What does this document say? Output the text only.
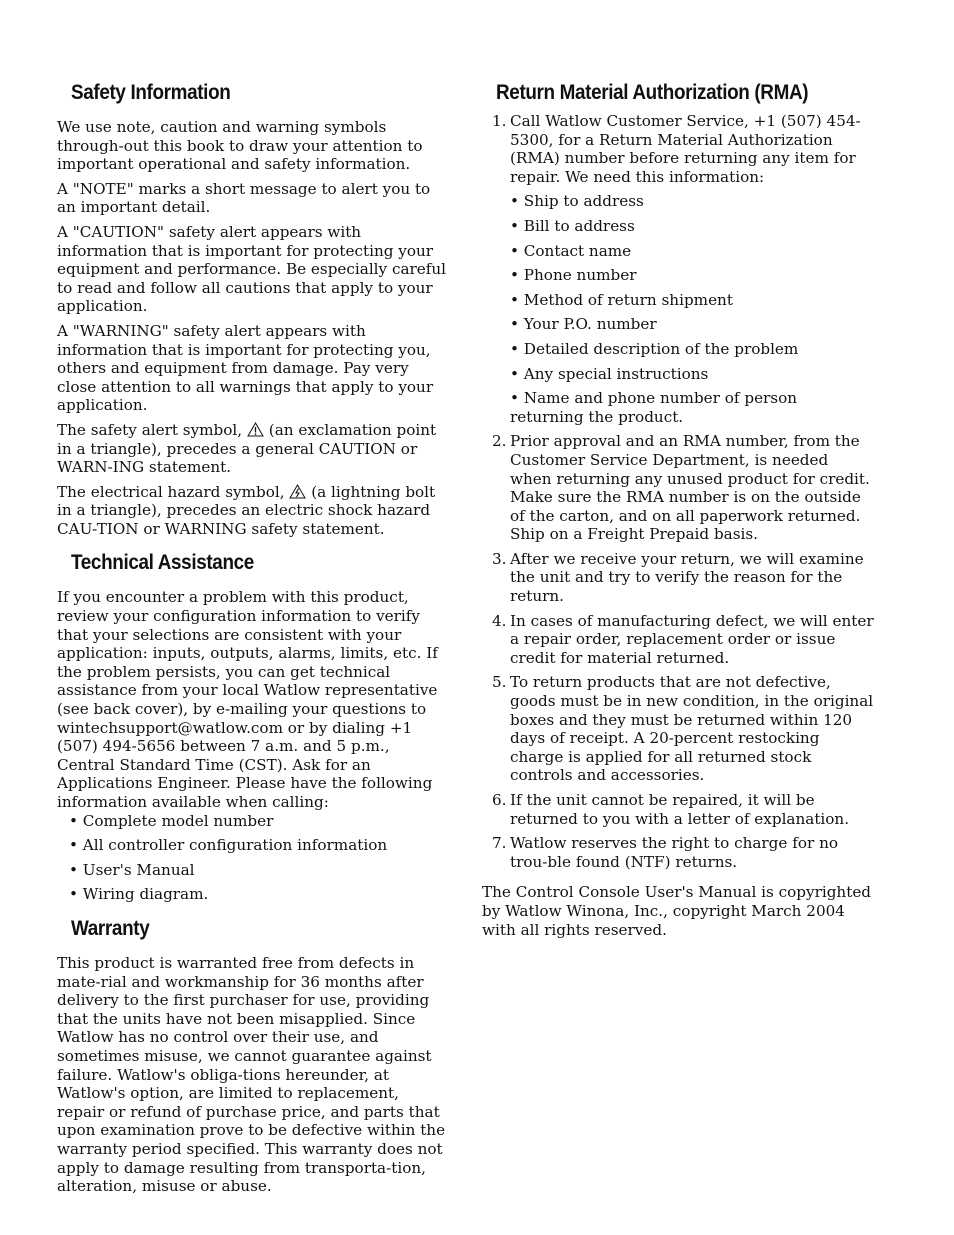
Safety Information

We use note, caution and warning symbols through-out this book to draw your attention to important operational and safety information.

A "NOTE" marks a short message to alert you to an important detail.

A "CAUTION" safety alert appears with information that is important for protecting your equipment and performance. Be especially careful to read and follow all cautions that apply to your application.

A "WARNING" safety alert appears with information that is important for protecting you, others and equipment from damage. Pay very close attention to all warnings that apply to your application.

The safety alert symbol, (an exclamation point in a triangle), precedes a general CAUTION or WARN-ING statement.

The electrical hazard symbol, (a lightning bolt in a triangle), precedes an electric shock hazard CAU-TION or WARNING safety statement.

Technical Assistance

If you encounter a problem with this product, review your configuration information to verify that your selections are consistent with your application: inputs, outputs, alarms, limits, etc. If the problem persists, you can get technical assistance from your local Watlow representative (see back cover), by e-mailing your questions to wintechsupport@watlow.com or by dialing +1 (507) 494-5656 between 7 a.m. and 5 p.m., Central Standard Time (CST). Ask for an Applications Engineer. Please have the following information available when calling:

• Complete model number
• All controller configuration information
• User's Manual
• Wiring diagram.
Warranty

This product is warranted free from defects in mate-rial and workmanship for 36 months after delivery to the first purchaser for use, providing that the units have not been misapplied. Since Watlow has no control over their use, and sometimes misuse, we cannot guarantee against failure. Watlow's obliga-tions hereunder, at Watlow's option, are limited to replacement, repair or refund of purchase price, and parts that upon examination prove to be defective within the warranty period specified. This warranty does not apply to damage resulting from transporta-tion, alteration, misuse or abuse.

Return Material Authorization (RMA)
1. Call Watlow Customer Service, +1 (507) 454-5300, for a Return Material Authorization (RMA) number before returning any item for repair. We need this information:
• Ship to address
• Bill to address
• Contact name
• Phone number
• Method of return shipment
• Your P.O. number
• Detailed description of the problem
• Any special instructions
• Name and phone number of person returning the product.
2. Prior approval and an RMA number, from the Customer Service Department, is needed when returning any unused product for credit. Make sure the RMA number is on the outside of the carton, and on all paperwork returned. Ship on a Freight Prepaid basis.
3. After we receive your return, we will examine the unit and try to verify the reason for the return.
4. In cases of manufacturing defect, we will enter a repair order, replacement order or issue credit for material returned.
5. To return products that are not defective, goods must be in new condition, in the original boxes and they must be returned within 120 days of receipt. A 20-percent restocking charge is applied for all returned stock controls and accessories.
6. If the unit cannot be repaired, it will be returned to you with a letter of explanation.
7. Watlow reserves the right to charge for no trou-ble found (NTF) returns.

The Control Console User's Manual is copyrighted by Watlow Winona, Inc., copyright March 2004 with all rights reserved.
